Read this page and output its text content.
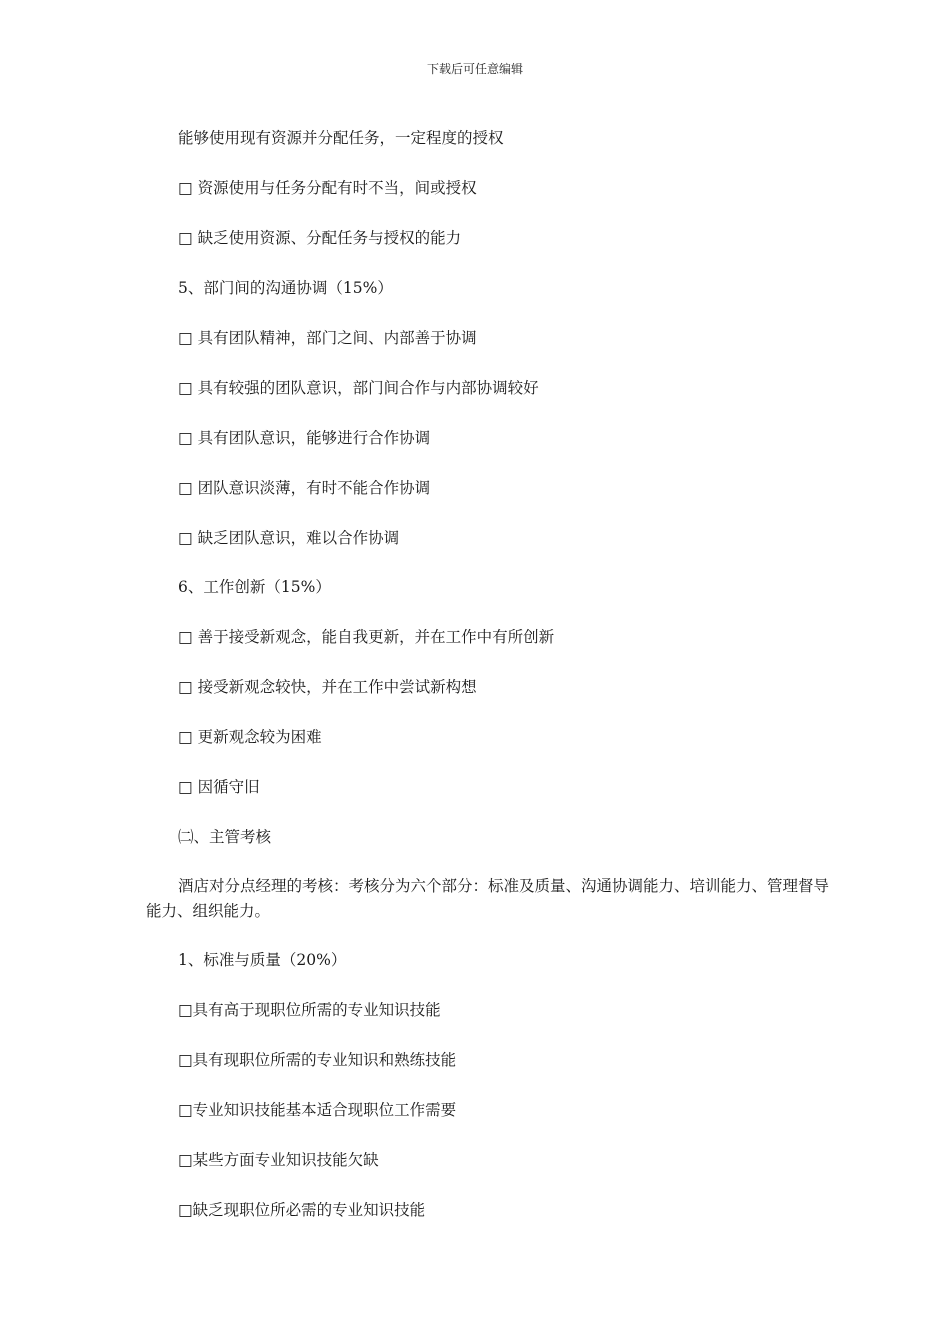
下载后可任意编辑
能够使用现有资源并分配任务，一定程度的授权
□ 资源使用与任务分配有时不当，间或授权
□ 缺乏使用资源、分配任务与授权的能力
5、部门间的沟通协调（15%）
□ 具有团队精神，部门之间、内部善于协调
□ 具有较强的团队意识，部门间合作与内部协调较好
□ 具有团队意识，能够进行合作协调
□ 团队意识淡薄，有时不能合作协调
□ 缺乏团队意识，难以合作协调
6、工作创新（15%）
□ 善于接受新观念，能自我更新，并在工作中有所创新
□ 接受新观念较快，并在工作中尝试新构想
□ 更新观念较为困难
□ 因循守旧
㈡、主管考核
酒店对分点经理的考核：考核分为六个部分：标准及质量、沟通协调能力、培训能力、管理督导能力、组织能力。
1、标准与质量（20%）
□具有高于现职位所需的专业知识技能
□具有现职位所需的专业知识和熟练技能
□专业知识技能基本适合现职位工作需要
□某些方面专业知识技能欠缺
□缺乏现职位所必需的专业知识技能
